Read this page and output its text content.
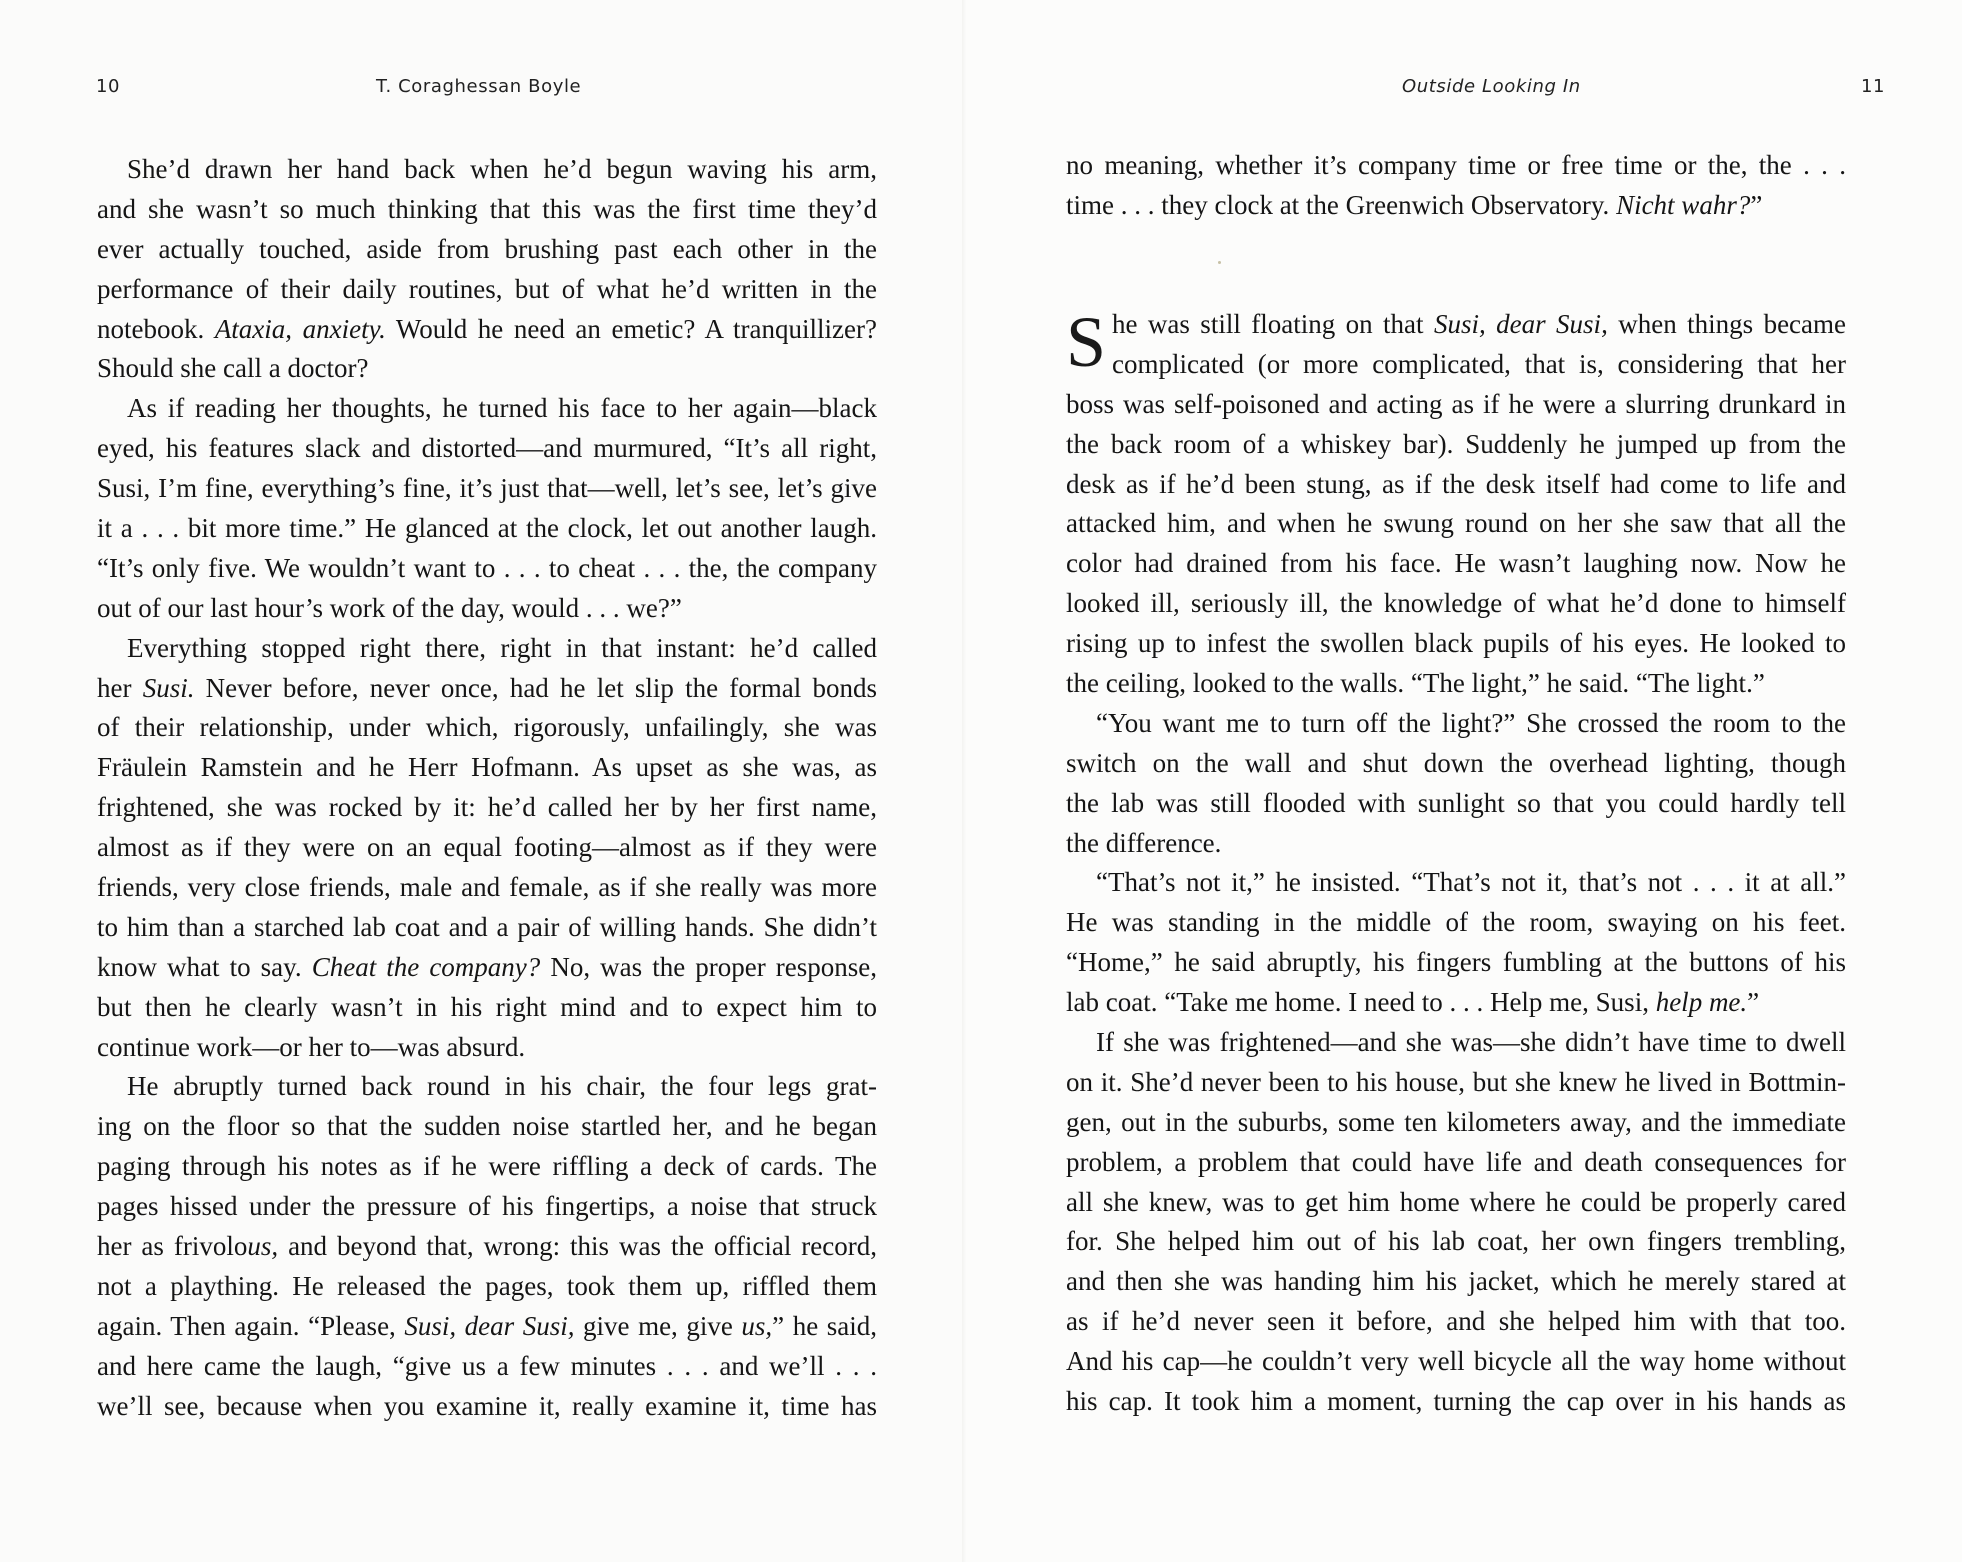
10	T. Coraghessan Boyle
She’d drawn her hand back when he’d begun waving his arm,
and she wasn’t so much thinking that this was the first time they’d
ever actually touched, aside from brushing past each other in the
performance of their daily routines, but of what he’d written in the
notebook. Ataxia, anxiety. Would he need an emetic? A tranquillizer?
Should she call a doctor?
As if reading her thoughts, he turned his face to her again—black
eyed, his features slack and distorted—and murmured, “It’s all right,
Susi, I’m fine, everything’s fine, it’s just that—well, let’s see, let’s give
it a . . . bit more time.” He glanced at the clock, let out another laugh.
“It’s only five. We wouldn’t want to . . . to cheat . . . the, the company
out of our last hour’s work of the day, would . . . we?”
Everything stopped right there, right in that instant: he’d called
her Susi. Never before, never once, had he let slip the formal bonds
of their relationship, under which, rigorously, unfailingly, she was
Fräulein Ramstein and he Herr Hofmann. As upset as she was, as
frightened, she was rocked by it: he’d called her by her first name,
almost as if they were on an equal footing—almost as if they were
friends, very close friends, male and female, as if she really was more
to him than a starched lab coat and a pair of willing hands. She didn’t
know what to say. Cheat the company? No, was the proper response,
but then he clearly wasn’t in his right mind and to expect him to
continue work—or her to—was absurd.
He abruptly turned back round in his chair, the four legs grat-
ing on the floor so that the sudden noise startled her, and he began
paging through his notes as if he were riffling a deck of cards. The
pages hissed under the pressure of his fingertips, a noise that struck
her as frivolous, and beyond that, wrong: this was the official record,
not a plaything. He released the pages, took them up, riffled them
again. Then again. “Please, Susi, dear Susi, give me, give us,” he said,
and here came the laugh, “give us a few minutes . . . and we’ll . . .
we’ll see, because when you examine it, really examine it, time has
Outside Looking In	11
no meaning, whether it’s company time or free time or the, the . . .
time . . . they clock at the Greenwich Observatory. Nicht wahr?”
he was still floating on that Susi, dear Susi, when things became
S complicated (or more complicated, that is, considering that her
boss was self-poisoned and acting as if he were a slurring drunkard in
the back room of a whiskey bar). Suddenly he jumped up from the
desk as if he’d been stung, as if the desk itself had come to life and
attacked him, and when he swung round on her she saw that all the
color had drained from his face. He wasn’t laughing now. Now he
looked ill, seriously ill, the knowledge of what he’d done to himself
rising up to infest the swollen black pupils of his eyes. He looked to
the ceiling, looked to the walls. “The light,” he said. “The light.”
“You want me to turn off the light?” She crossed the room to the
switch on the wall and shut down the overhead lighting, though
the lab was still flooded with sunlight so that you could hardly tell
the difference.
“That’s not it,” he insisted. “That’s not it, that’s not . . . it at all.”
He was standing in the middle of the room, swaying on his feet.
“Home,” he said abruptly, his fingers fumbling at the buttons of his
lab coat. “Take me home. I need to . . . Help me, Susi, help me.”
If she was frightened—and she was—she didn’t have time to dwell
on it. She’d never been to his house, but she knew he lived in Bottmin-
gen, out in the suburbs, some ten kilometers away, and the immediate
problem, a problem that could have life and death consequences for
all she knew, was to get him home where he could be properly cared
for. She helped him out of his lab coat, her own fingers trembling,
and then she was handing him his jacket, which he merely stared at
as if he’d never seen it before, and she helped him with that too.
And his cap—he couldn’t very well bicycle all the way home without
his cap. It took him a moment, turning the cap over in his hands as
